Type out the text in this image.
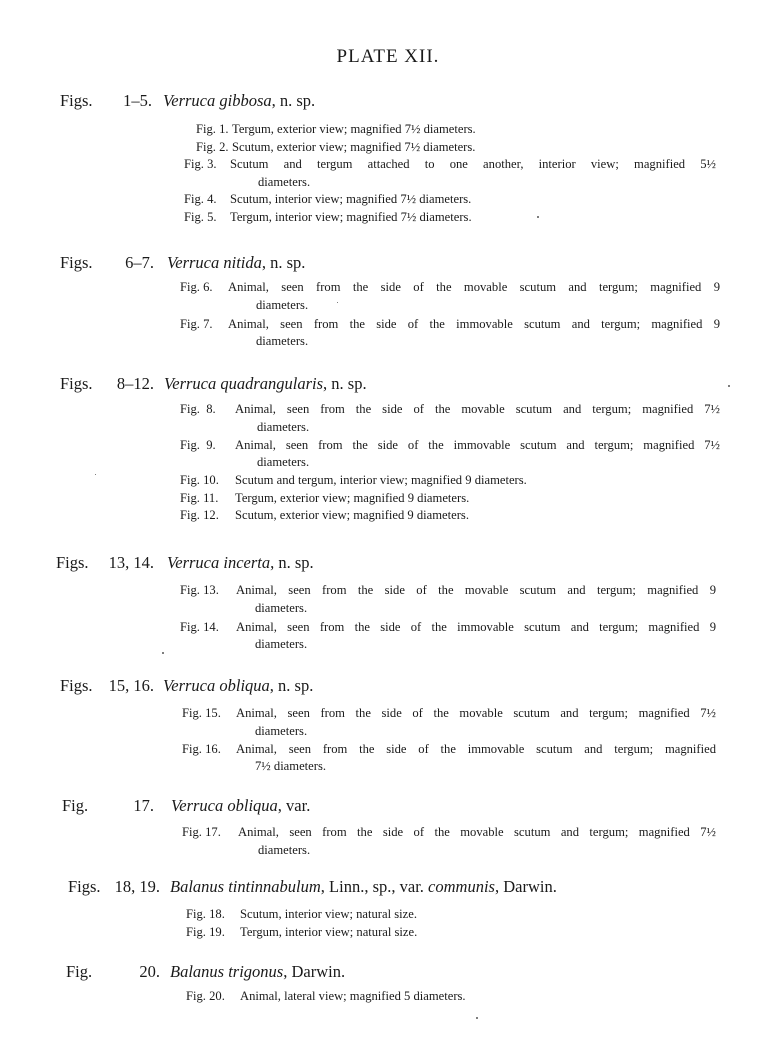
PLATE XII.
Figs.	1–5. Verruca gibbosa, n. sp.
Fig. 1. Tergum, exterior view; magnified 7½ diameters.
Fig. 2. Scutum, exterior view; magnified 7½ diameters.
Fig. 3. Scutum and tergum attached to one another, interior view; magnified 5½
diameters.
Fig. 4. Scutum, interior view; magnified 7½ diameters.
Fig. 5. Tergum, interior view; magnified 7½ diameters.
Figs.	6–7. Verruca nitida, n. sp.
Fig. 6. Animal, seen from the side of the movable scutum and tergum; magnified 9
diameters.
Fig. 7. Animal, seen from the side of the immovable scutum and tergum; magnified 9
diameters.
Figs.	8–12. Verruca quadrangularis, n. sp.
Fig.  8. Animal, seen from the side of the movable scutum and tergum; magnified 7½
diameters.
Fig.  9. Animal, seen from the side of the immovable scutum and tergum; magnified 7½
diameters.
Fig. 10. Scutum and tergum, interior view; magnified 9 diameters.
Fig. 11. Tergum, exterior view; magnified 9 diameters.
Fig. 12. Scutum, exterior view; magnified 9 diameters.
Figs.	13, 14. Verruca incerta, n. sp.
Fig. 13. Animal, seen from the side of the movable scutum and tergum; magnified 9
diameters.
Fig. 14. Animal, seen from the side of the immovable scutum and tergum; magnified 9
diameters.
Figs. 15, 16. Verruca obliqua, n. sp.
Fig. 15. Animal, seen from the side of the movable scutum and tergum; magnified 7½
diameters.
Fig. 16. Animal, seen from the side of the immovable scutum and tergum; magnified
7½ diameters.
Fig.	17. Verruca obliqua, var.
Fig. 17. Animal, seen from the side of the movable scutum and tergum; magnified 7½
diameters.
Figs. 18, 19. Balanus tintinnabulum, Linn., sp., var. communis, Darwin.
Fig. 18. Scutum, interior view; natural size.
Fig. 19. Tergum, interior view; natural size.
Fig.	20. Balanus trigonus, Darwin.
Fig. 20. Animal, lateral view; magnified 5 diameters.
